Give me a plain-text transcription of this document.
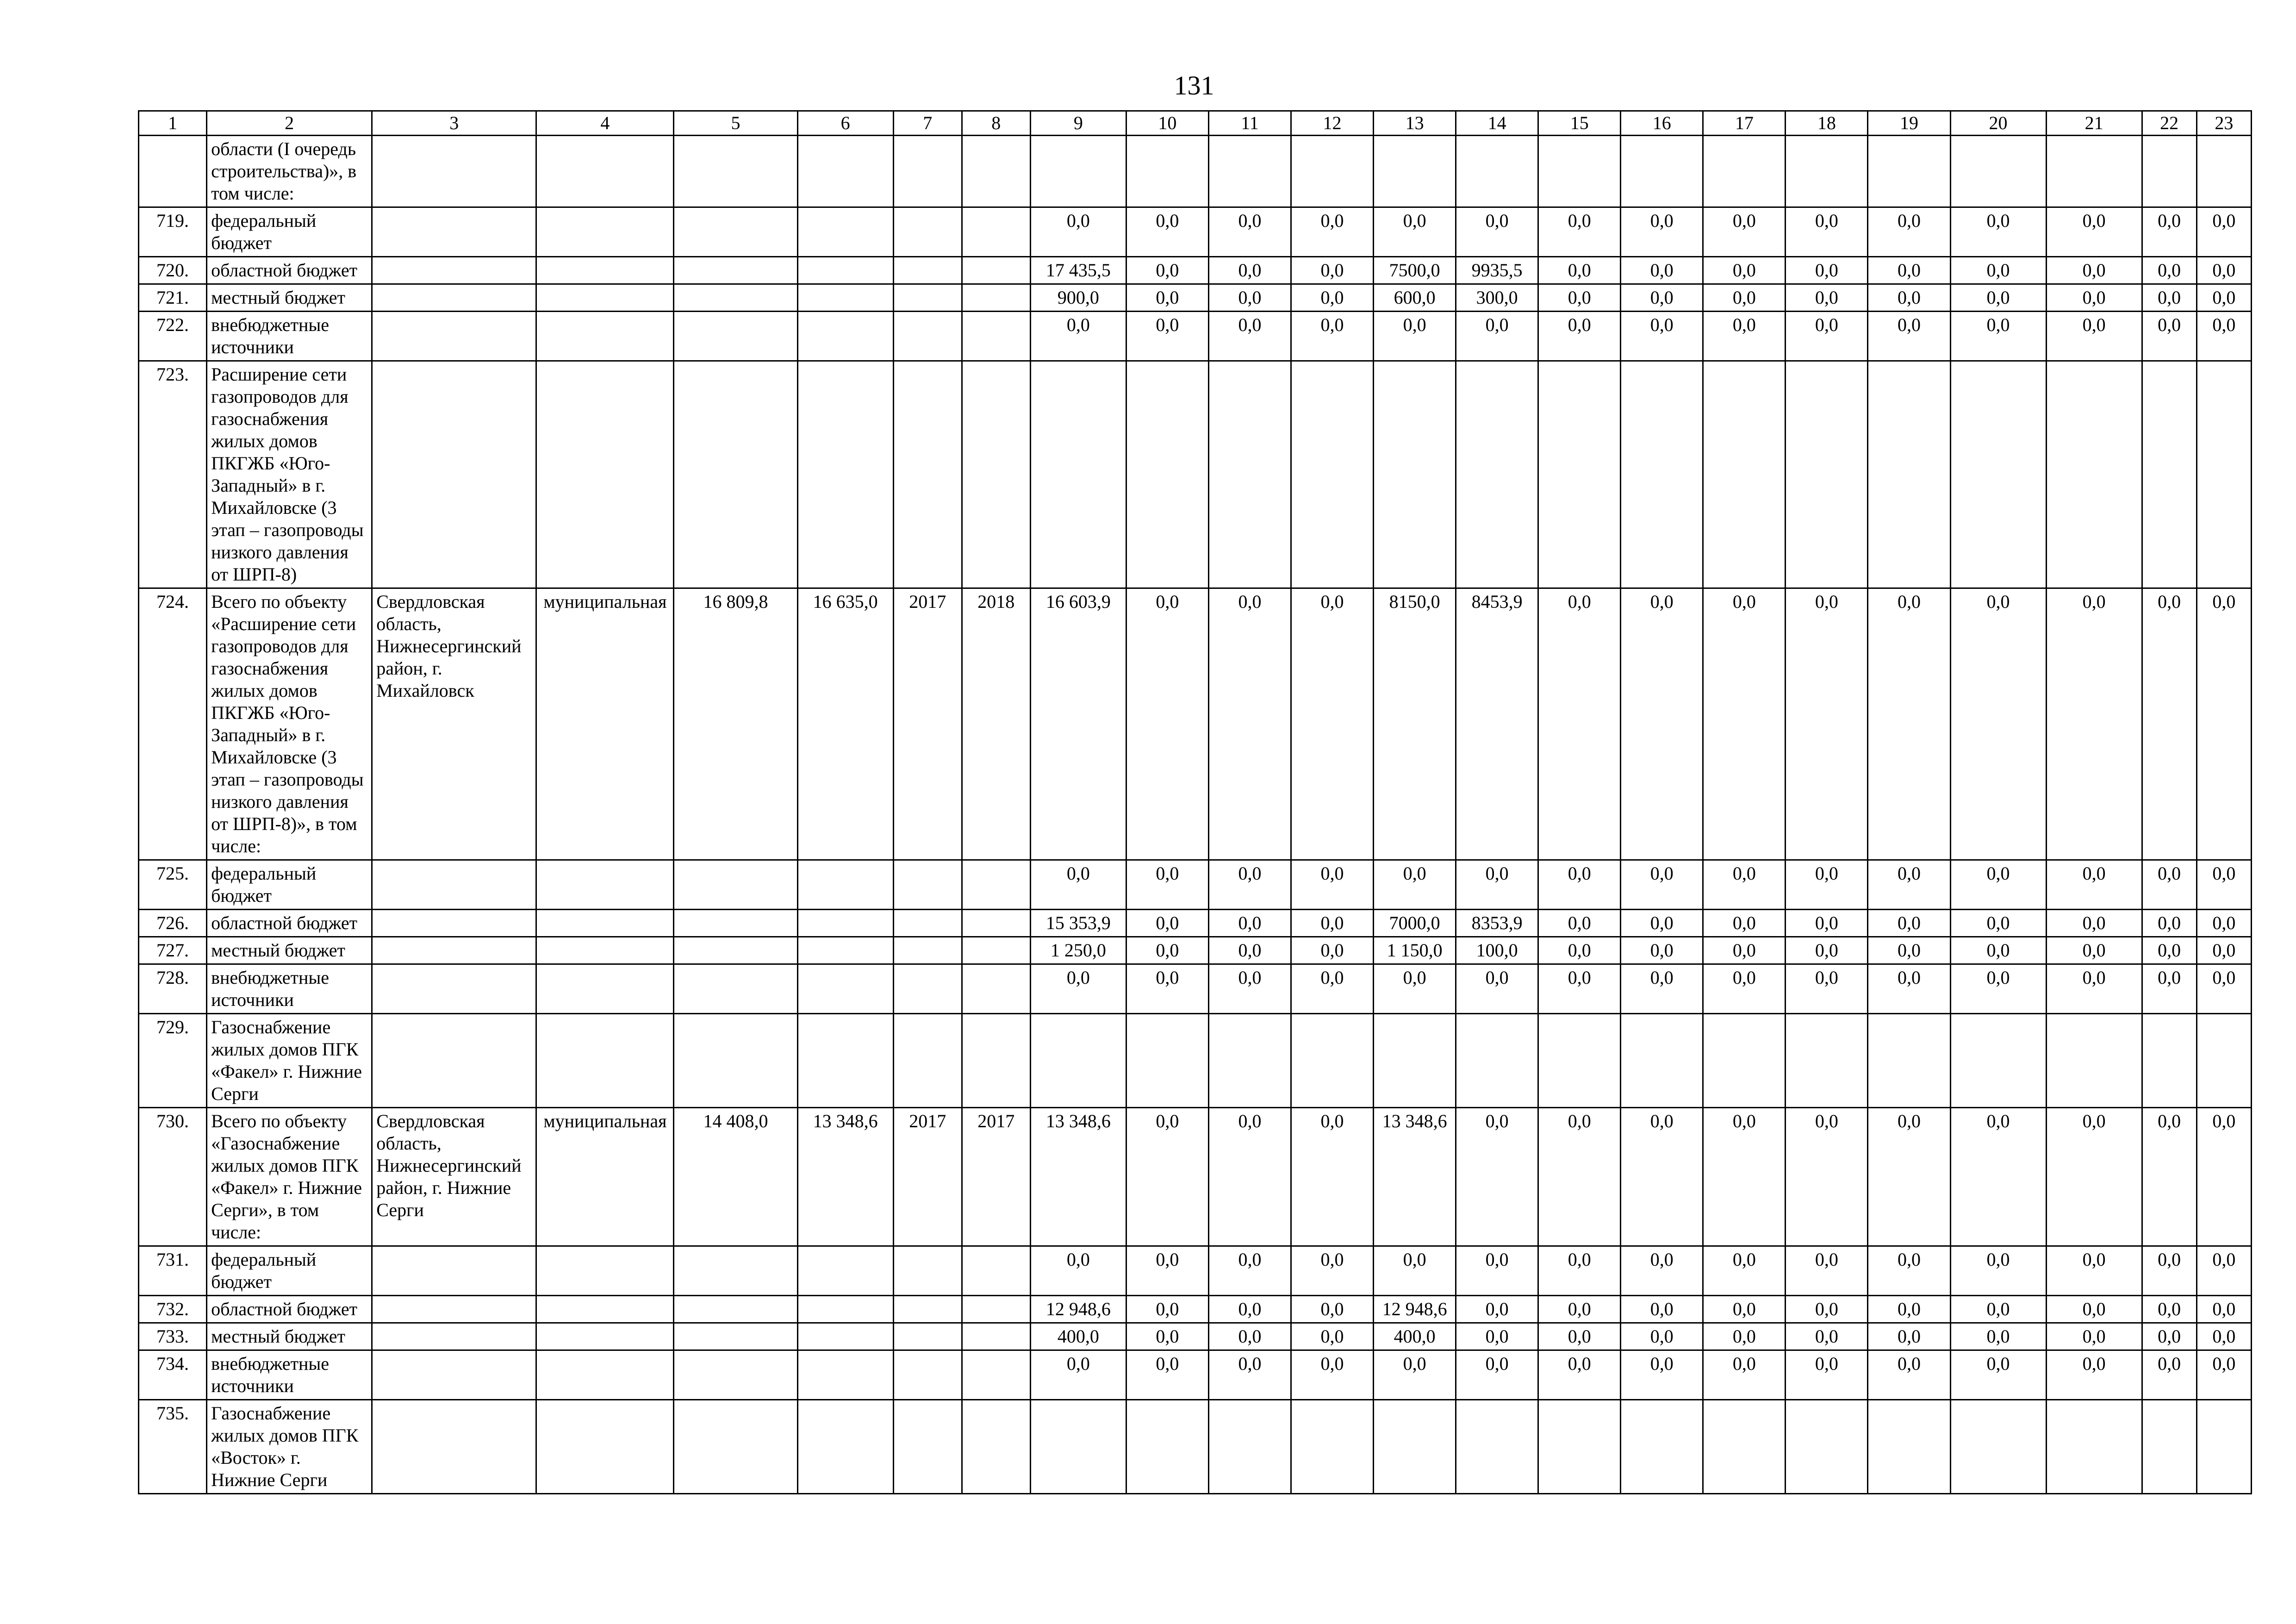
131
1	2	3	4	5	6	7	8	9	10	11	12	13	14	15	16	17	18	19	20	21	22	23
	области (I очередь строительства)», в том числе:																					
719.	федеральный бюджет							0,0	0,0	0,0	0,0	0,0	0,0	0,0	0,0	0,0	0,0	0,0	0,0	0,0	0,0	0,0
720.	областной бюджет							17 435,5	0,0	0,0	0,0	7500,0	9935,5	0,0	0,0	0,0	0,0	0,0	0,0	0,0	0,0	0,0
721.	местный бюджет							900,0	0,0	0,0	0,0	600,0	300,0	0,0	0,0	0,0	0,0	0,0	0,0	0,0	0,0	0,0
722.	внебюджетные источники							0,0	0,0	0,0	0,0	0,0	0,0	0,0	0,0	0,0	0,0	0,0	0,0	0,0	0,0	0,0
723.	Расширение сети газопроводов для газоснабжения жилых домов ПКГЖБ «Юго-Западный» в г. Михайловске (3 этап – газопроводы низкого давления от ШРП-8)																					
724.	Всего по объекту «Расширение сети газопроводов для газоснабжения жилых домов ПКГЖБ «Юго-Западный» в г. Михайловске (3 этап – газопроводы низкого давления от ШРП-8)», в том числе:	Свердловская область, Нижнесергинский район, г. Михайловск	муниципальная	16 809,8	16 635,0	2017	2018	16 603,9	0,0	0,0	0,0	8150,0	8453,9	0,0	0,0	0,0	0,0	0,0	0,0	0,0	0,0	0,0
725.	федеральный бюджет							0,0	0,0	0,0	0,0	0,0	0,0	0,0	0,0	0,0	0,0	0,0	0,0	0,0	0,0	0,0
726.	областной бюджет							15 353,9	0,0	0,0	0,0	7000,0	8353,9	0,0	0,0	0,0	0,0	0,0	0,0	0,0	0,0	0,0
727.	местный бюджет							1 250,0	0,0	0,0	0,0	1 150,0	100,0	0,0	0,0	0,0	0,0	0,0	0,0	0,0	0,0	0,0
728.	внебюджетные источники							0,0	0,0	0,0	0,0	0,0	0,0	0,0	0,0	0,0	0,0	0,0	0,0	0,0	0,0	0,0
729.	Газоснабжение жилых домов ПГК «Факел» г. Нижние Серги																					
730.	Всего по объекту «Газоснабжение жилых домов ПГК «Факел» г. Нижние Серги», в том числе:	Свердловская область, Нижнесергинский район, г. Нижние Серги	муниципальная	14 408,0	13 348,6	2017	2017	13 348,6	0,0	0,0	0,0	13 348,6	0,0	0,0	0,0	0,0	0,0	0,0	0,0	0,0	0,0	0,0
731.	федеральный бюджет							0,0	0,0	0,0	0,0	0,0	0,0	0,0	0,0	0,0	0,0	0,0	0,0	0,0	0,0	0,0
732.	областной бюджет							12 948,6	0,0	0,0	0,0	12 948,6	0,0	0,0	0,0	0,0	0,0	0,0	0,0	0,0	0,0	0,0
733.	местный бюджет							400,0	0,0	0,0	0,0	400,0	0,0	0,0	0,0	0,0	0,0	0,0	0,0	0,0	0,0	0,0
734.	внебюджетные источники							0,0	0,0	0,0	0,0	0,0	0,0	0,0	0,0	0,0	0,0	0,0	0,0	0,0	0,0	0,0
735.	Газоснабжение жилых домов ПГК «Восток» г. Нижние Серги																					
